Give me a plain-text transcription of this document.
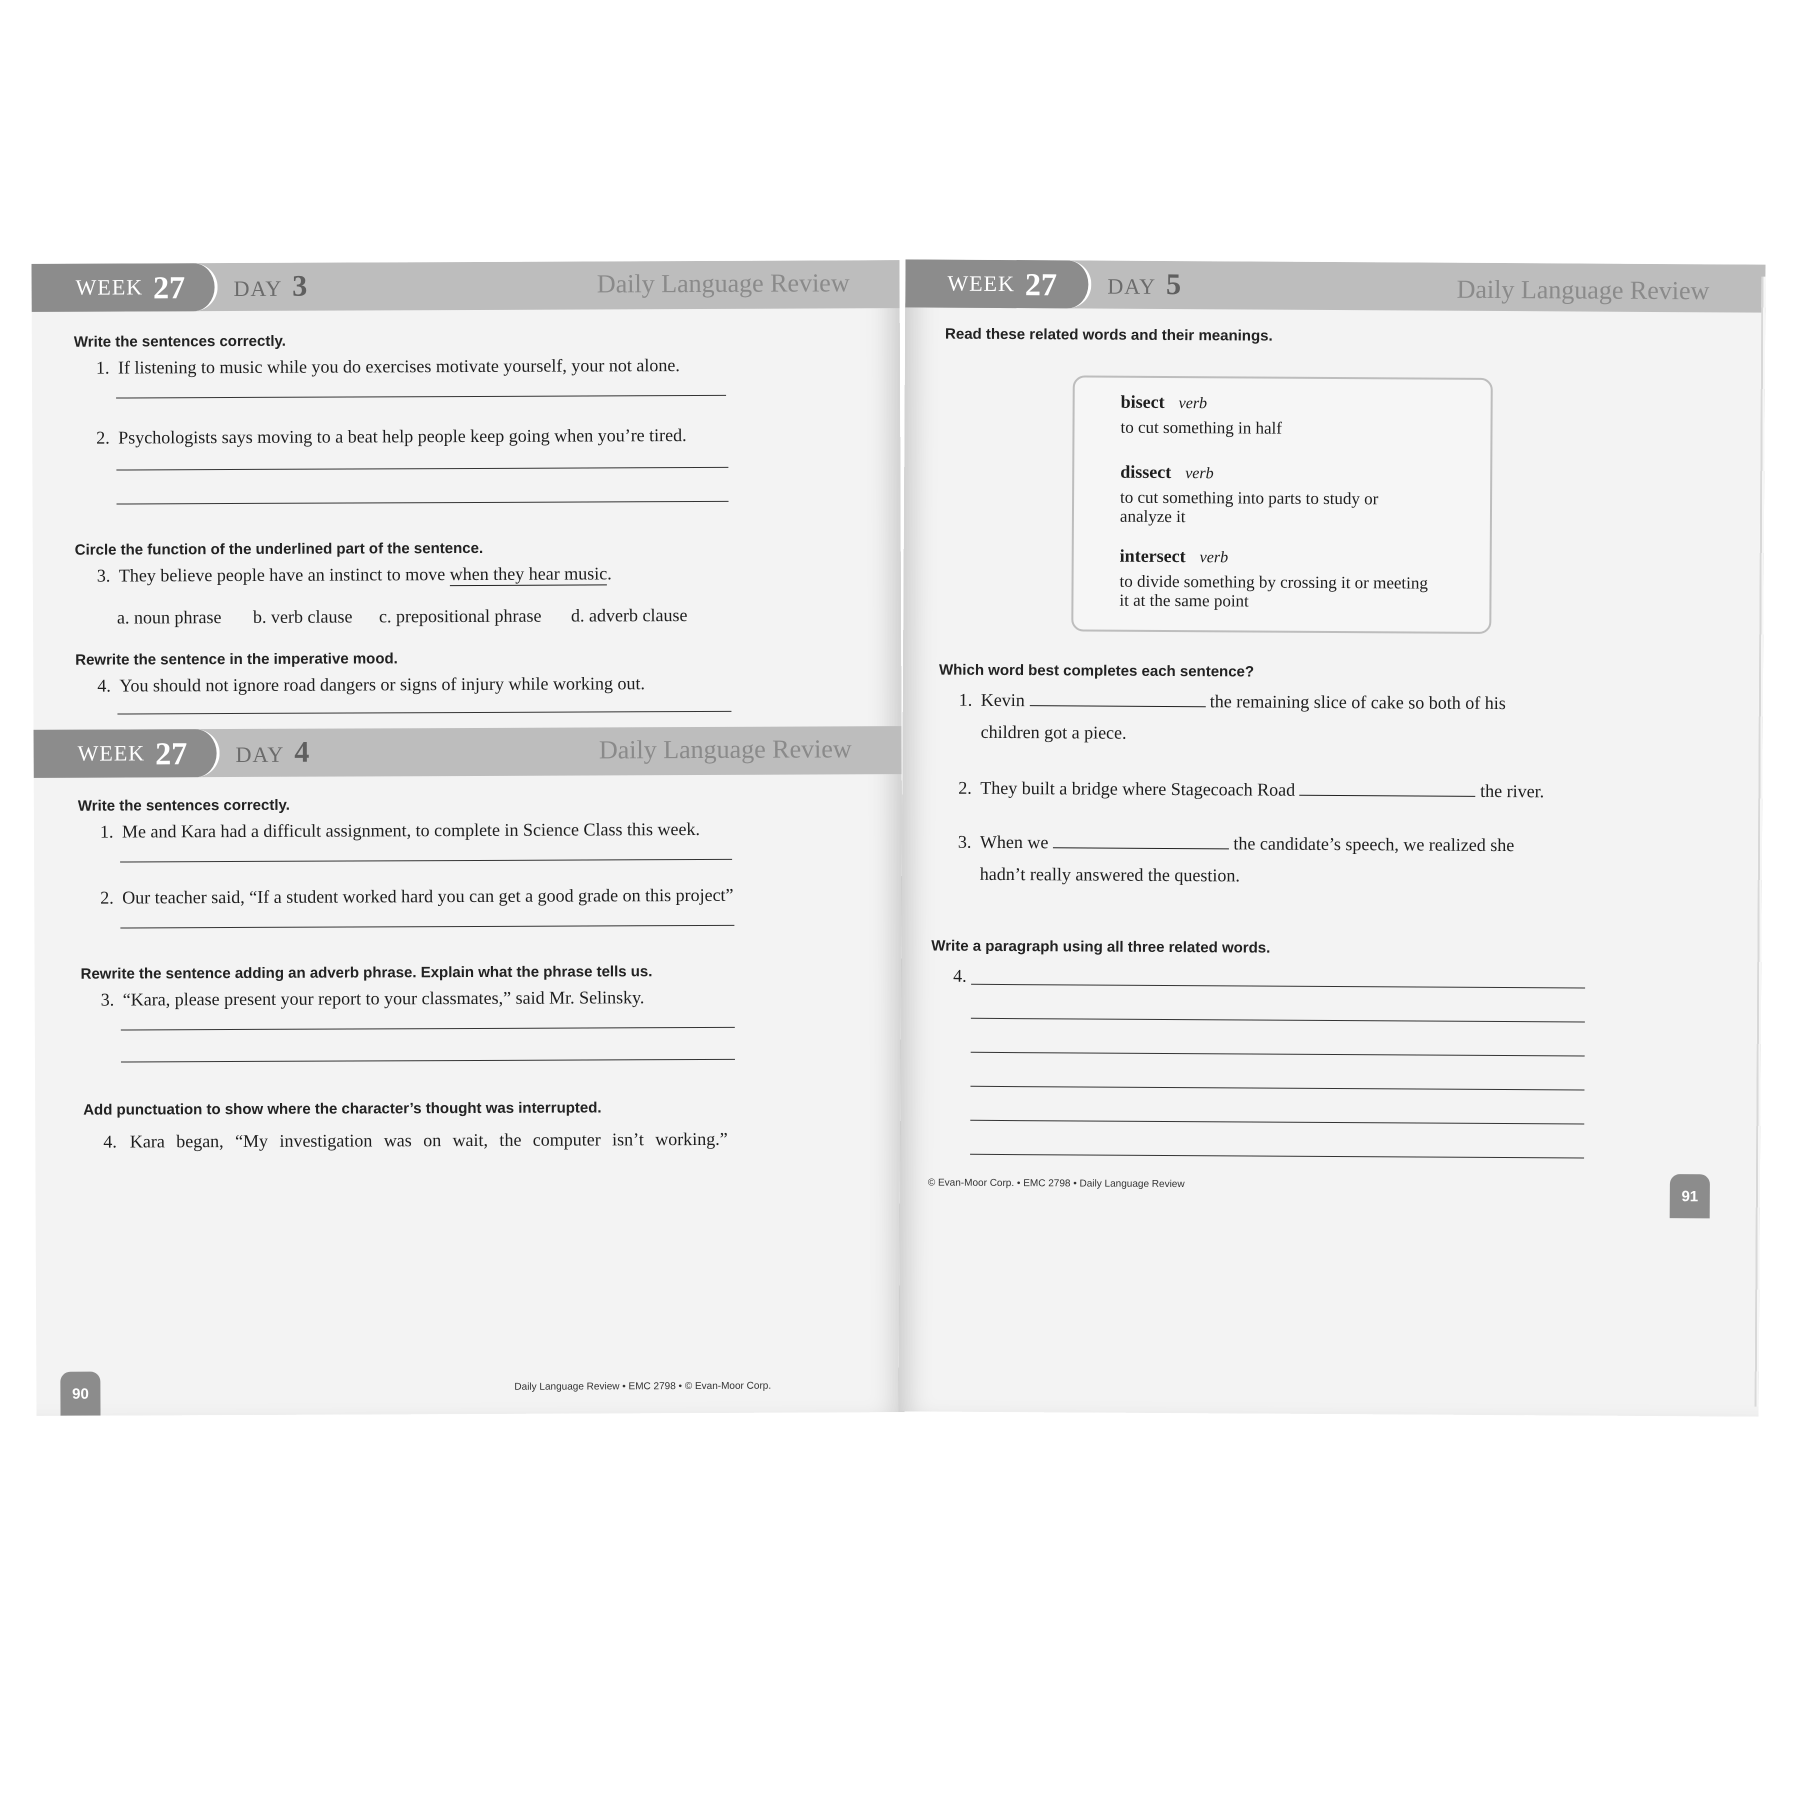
WEEK 27 DAY 3	Daily Language Review
Write the sentences correctly.
1. If listening to music while you do exercises motivate yourself, your not alone.
2. Psychologists says moving to a beat help people keep going when you’re tired.
Circle the function of the underlined part of the sentence.
3. They believe people have an instinct to move when they hear music.
a. noun phrase b. verb clause c. prepositional phrase d. adverb clause
Rewrite the sentence in the imperative mood.
4. You should not ignore road dangers or signs of injury while working out.
WEEK 27 DAY 4	Daily Language Review
Write the sentences correctly.
1. Me and Kara had a difficult assignment, to complete in Science Class this week.
2. Our teacher said, “If a student worked hard you can get a good grade on this project”
Rewrite the sentence adding an adverb phrase. Explain what the phrase tells us.
3. “Kara, please present your report to your classmates,” said Mr. Selinsky.
Add punctuation to show where the character’s thought was interrupted.
4. Kara began, “My investigation was on wait, the computer isn’t working.”
90	Daily Language Review • EMC 2798 • © Evan-Moor Corp.
WEEK 27 DAY 5	Daily Language Review
Read these related words and their meanings.
bisect verb
to cut something in half
dissect verb
to cut something into parts to study or
analyze it
intersect verb
to divide something by crossing it or meeting
it at the same point
Which word best completes each sentence?
1. Kevin	the remaining slice of cake so both of his
children got a piece.
2. They built a bridge where Stagecoach Road	the river.
3. When we	the candidate’s speech, we realized she
hadn’t really answered the question.
Write a paragraph using all three related words.
4.
© Evan-Moor Corp. • EMC 2798 • Daily Language Review
91
